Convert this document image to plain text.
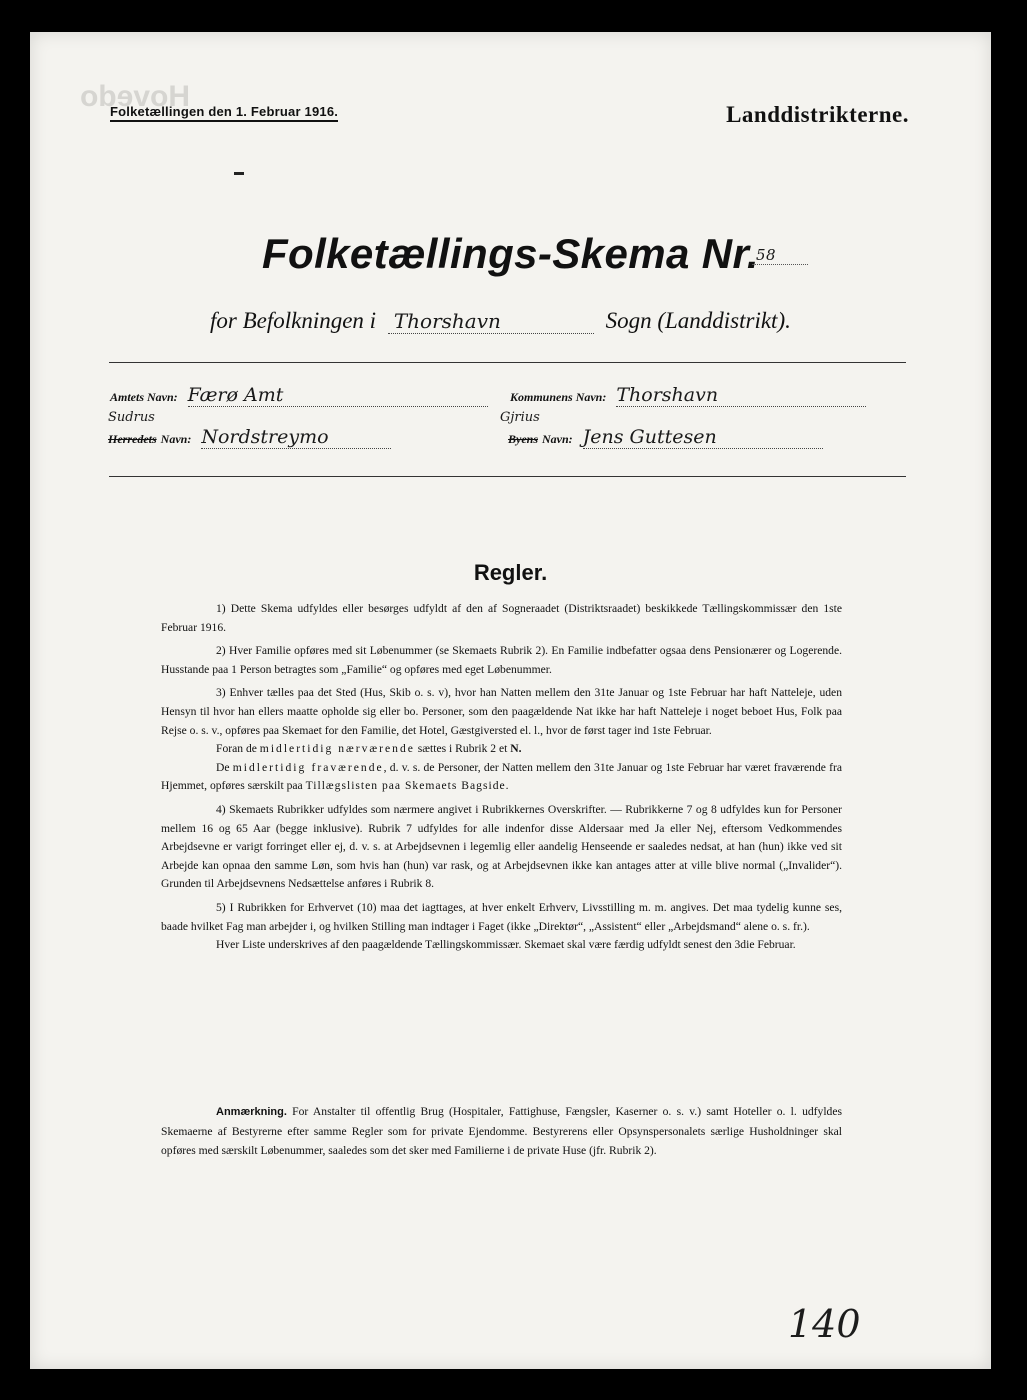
Hovedo
Folketællingen den 1. Februar 1916.	Landdistrikterne.
Folketællings-Skema Nr.
58
for Befolkningen i Thorshavn	Sogn (Landdistrikt).
Amtets Navn: Færø Amt	Kommunens Navn: Thorshavn
Sudrus	Gjrius
Herredets Navn: Nordstreymo	Byens Navn: Jens Guttesen
Regler.

1) Dette Skema udfyldes eller besørges udfyldt af den af Sogneraadet (Distriktsraadet) beskikkede Tællingskommissær den 1ste Februar 1916.

2) Hver Familie opføres med sit Løbenummer (se Skemaets Rubrik 2). En Familie indbefatter ogsaa dens Pensionærer og Logerende. Husstande paa 1 Person betragtes som „Familie“ og opføres med eget Løbenummer.

3) Enhver tælles paa det Sted (Hus, Skib o. s. v), hvor han Natten mellem den 31te Januar og 1ste Februar har haft Natteleje, uden Hensyn til hvor han ellers maatte opholde sig eller bo. Personer, som den paagældende Nat ikke har haft Natteleje i noget beboet Hus, Folk paa Rejse o. s. v., opføres paa Skemaet for den Familie, det Hotel, Gæstgiversted el. l., hvor de først tager ind 1ste Februar.

Foran de midlertidig nærværende sættes i Rubrik 2 et N.

De midlertidig fraværende, d. v. s. de Personer, der Natten mellem den 31te Januar og 1ste Februar har været fraværende fra Hjemmet, opføres særskilt paa Tillægslisten paa Skemaets Bagside.

4) Skemaets Rubrikker udfyldes som nærmere angivet i Rubrikkernes Overskrifter. — Rubrikkerne 7 og 8 udfyldes kun for Personer mellem 16 og 65 Aar (begge inklusive). Rubrik 7 udfyldes for alle indenfor disse Aldersaar med Ja eller Nej, eftersom Vedkommendes Arbejdsevne er varigt forringet eller ej, d. v. s. at Arbejdsevnen i legemlig eller aandelig Henseende er saaledes nedsat, at han (hun) ikke ved sit Arbejde kan opnaa den samme Løn, som hvis han (hun) var rask, og at Arbejdsevnen ikke kan antages atter at ville blive normal („Invalider“). Grunden til Arbejdsevnens Nedsættelse anføres i Rubrik 8.

5) I Rubrikken for Erhvervet (10) maa det iagttages, at hver enkelt Erhverv, Livsstilling m. m. angives. Det maa tydelig kunne ses, baade hvilket Fag man arbejder i, og hvilken Stilling man indtager i Faget (ikke „Direktør“, „Assistent“ eller „Arbejdsmand“ alene o. s. fr.).

Hver Liste underskrives af den paagældende Tællingskommissær. Skemaet skal være færdig udfyldt senest den 3die Februar.

Anmærkning. For Anstalter til offentlig Brug (Hospitaler, Fattighuse, Fængsler, Kaserner o. s. v.) samt Hoteller o. l. udfyldes Skemaerne af Bestyrerne efter samme Regler som for private Ejendomme. Bestyrerens eller Opsynspersonalets særlige Husholdninger skal opføres med særskilt Løbenummer, saaledes som det sker med Familierne i de private Huse (jfr. Rubrik 2).

140
